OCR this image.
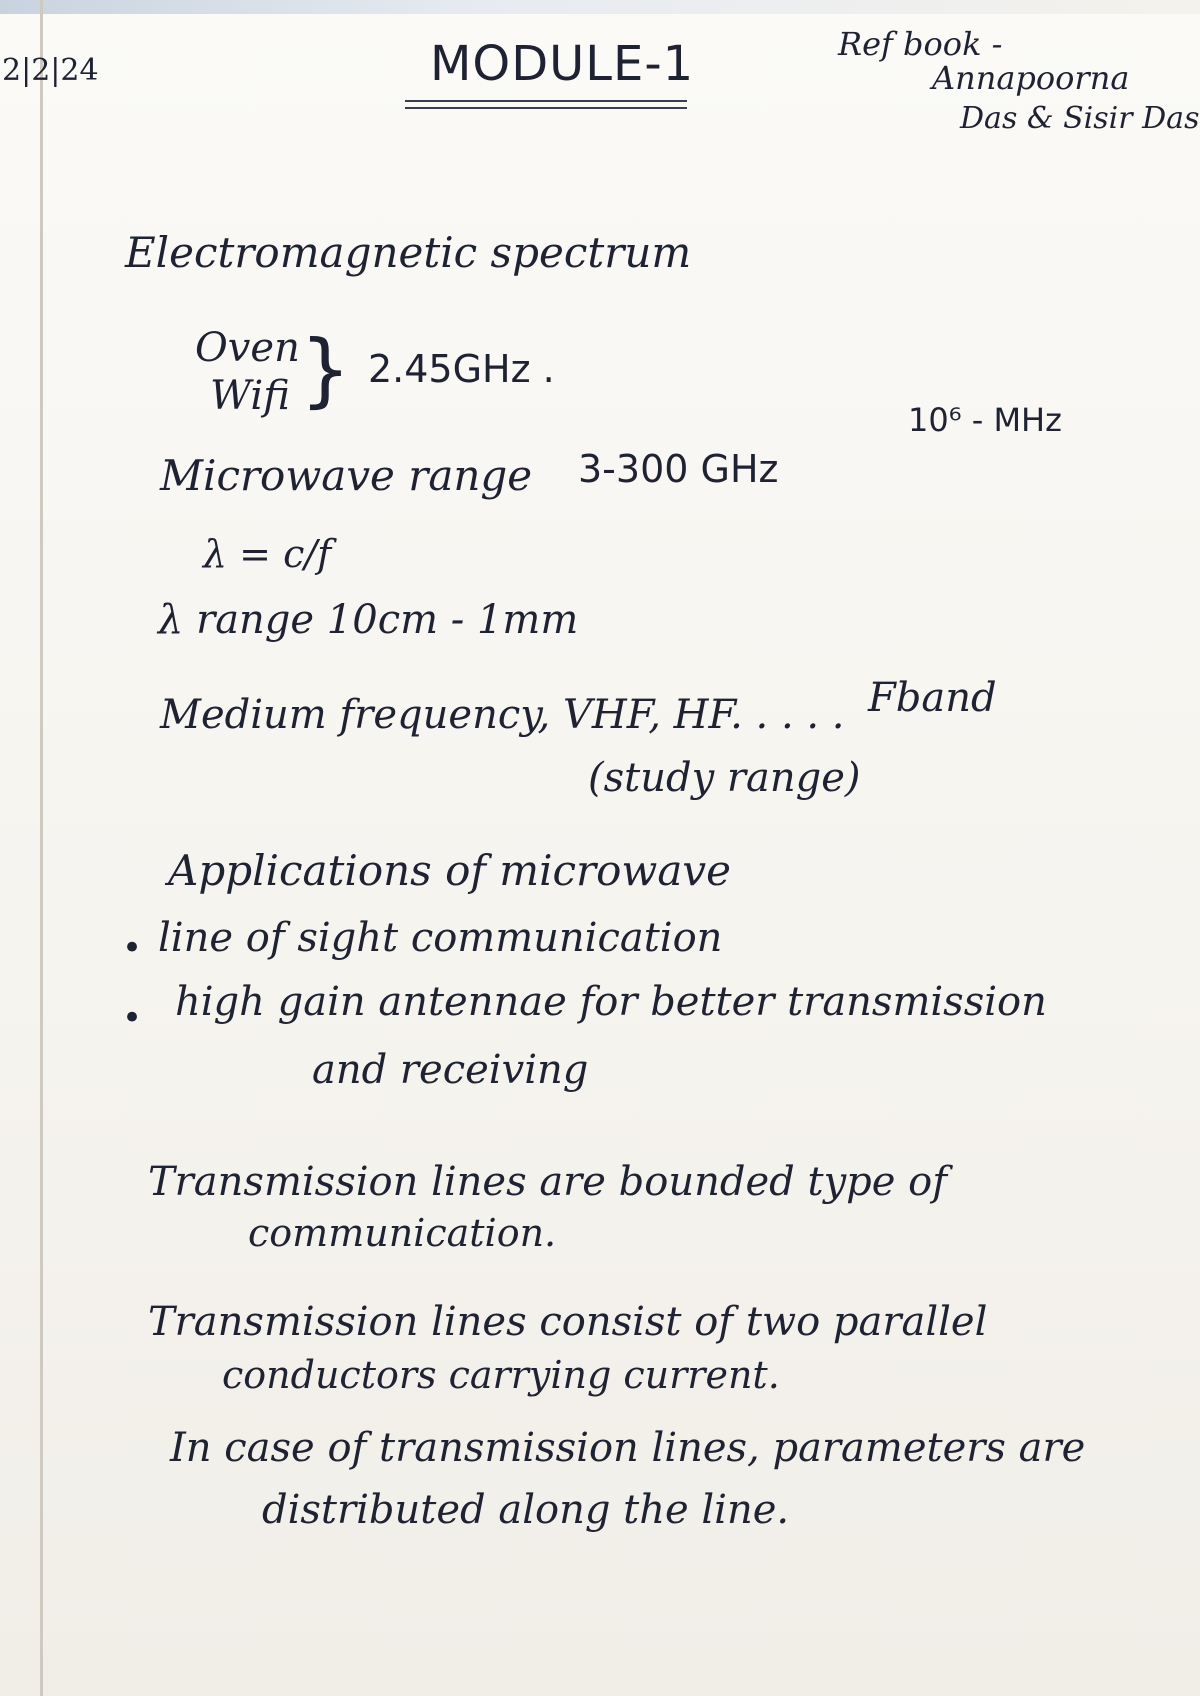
2|2|24	MODULE-1	Ref book -
Annapoorna
Das & Sisir Das
Electromagnetic spectrum
Oven
Wifi } 2.45GHz .
10⁶ - MHz
Microwave range 3-300 GHz
λ = c/f
λ range 10cm - 1mm
Medium frequency, VHF, HF. . . . . Fband
(study range)
Applications of microwave
• line of sight communication
• high gain antennae for better transmission
and receiving
Transmission lines are bounded type of
communication.
Transmission lines consist of two parallel
conductors carrying current.
In case of transmission lines, parameters are
distributed along the line.
